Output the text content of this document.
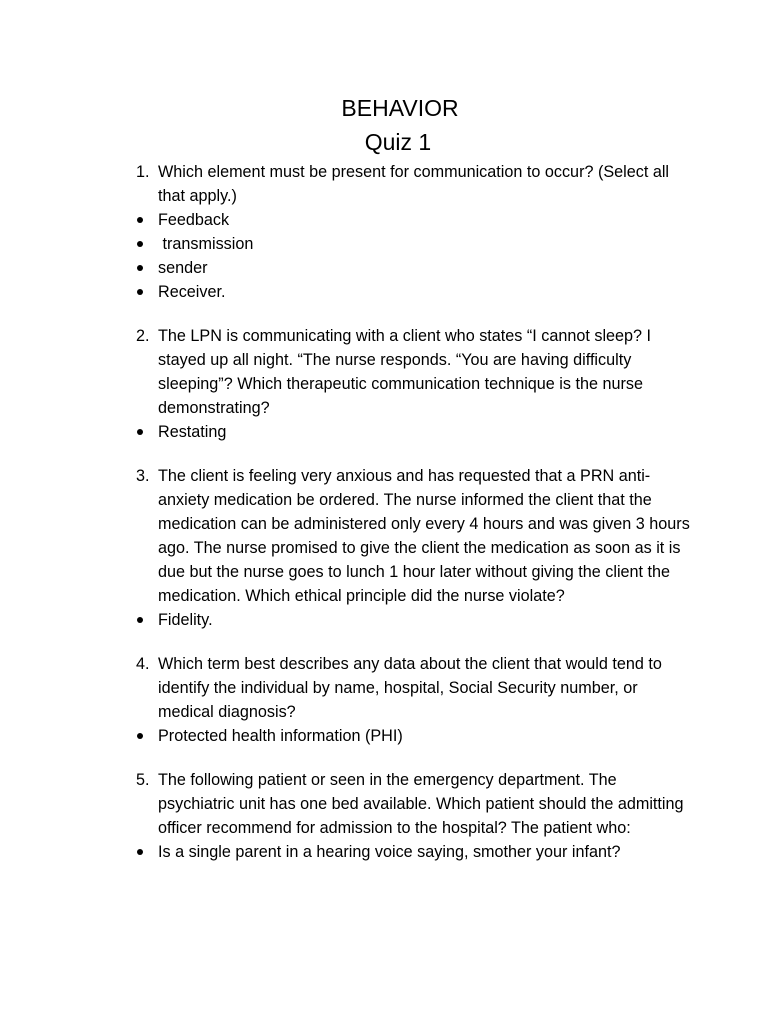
BEHAVIOR
Quiz 1
1. Which element must be present for communication to occur? (Select all that apply.)
Feedback
transmission
sender
Receiver.
2. The LPN is communicating with a client who states “I cannot sleep? I stayed up all night. “The nurse responds. “You are having difficulty sleeping”? Which therapeutic communication technique is the nurse demonstrating?
Restating
3. The client is feeling very anxious and has requested that a PRN anti-anxiety medication be ordered. The nurse informed the client that the medication can be administered only every 4 hours and was given 3 hours ago. The nurse promised to give the client the medication as soon as it is due but the nurse goes to lunch 1 hour later without giving the client the medication. Which ethical principle did the nurse violate?
Fidelity.
4. Which term best describes any data about the client that would tend to identify the individual by name, hospital, Social Security number, or medical diagnosis?
Protected health information (PHI)
5. The following patient or seen in the emergency department. The psychiatric unit has one bed available. Which patient should the admitting officer recommend for admission to the hospital? The patient who:
Is a single parent in a hearing voice saying, smother your infant?
